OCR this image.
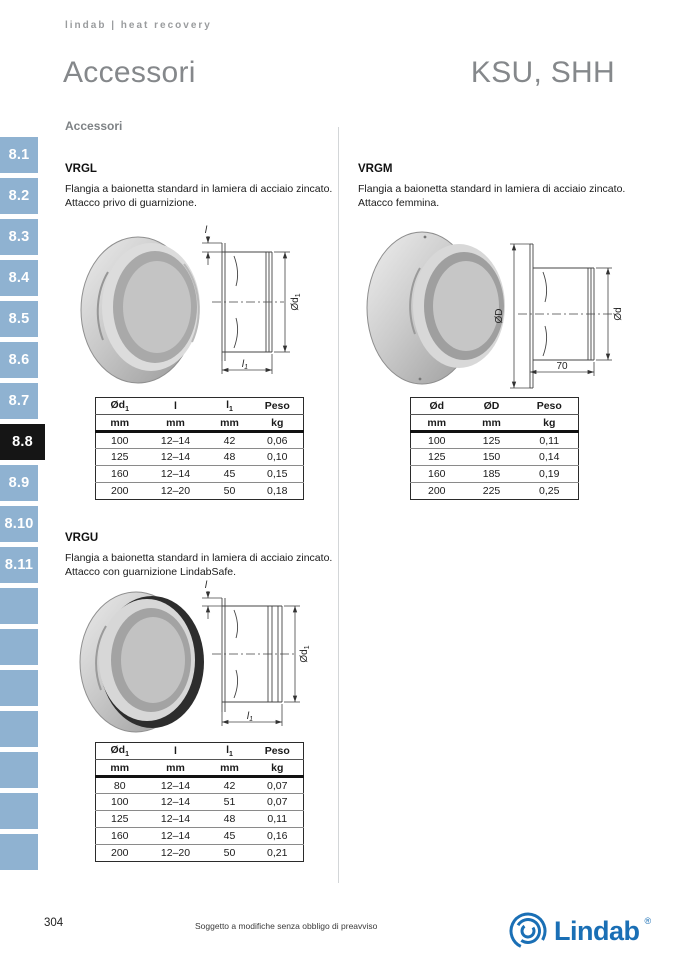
8.1
8.2
8.3
8.4
8.5
8.6
8.7
8.8
8.9
8.10
8.11
lindab | heat recovery
Accessori	KSU, SHH
Accessori
VRGL

Flangia a baionetta standard in lamiera di acciaio zincato.
Attacco privo di guarnizione.

l
$Ød_1$
$l_1$
$Ød_1$	l	$l_1$	Peso
mm	mm	mm	kg
100	12–14	42	0,06
125	12–14	48	0,10
160	12–14	45	0,15
200	12–20	50	0,18
VRGM

Flangia a baionetta standard in lamiera di acciaio zincato.
Attacco femmina.

ØD	Ød
70
Ød	ØD	Peso
mm	mm	kg
100	125	0,11
125	150	0,14
160	185	0,19
200	225	0,25
VRGU

Flangia a baionetta standard in lamiera di acciaio zincato.
Attacco con guarnizione LindabSafe.

l
$Ød_1$
$l_1$
$Ød_1$	l	$l_1$	Peso
mm	mm	mm	kg
80	12–14	42	0,07
100	12–14	51	0,07
125	12–14	48	0,11
160	12–14	45	0,16
200	12–20	50	0,21
304	Soggetto a modifiche senza obbligo di preavviso	Lindab ®
